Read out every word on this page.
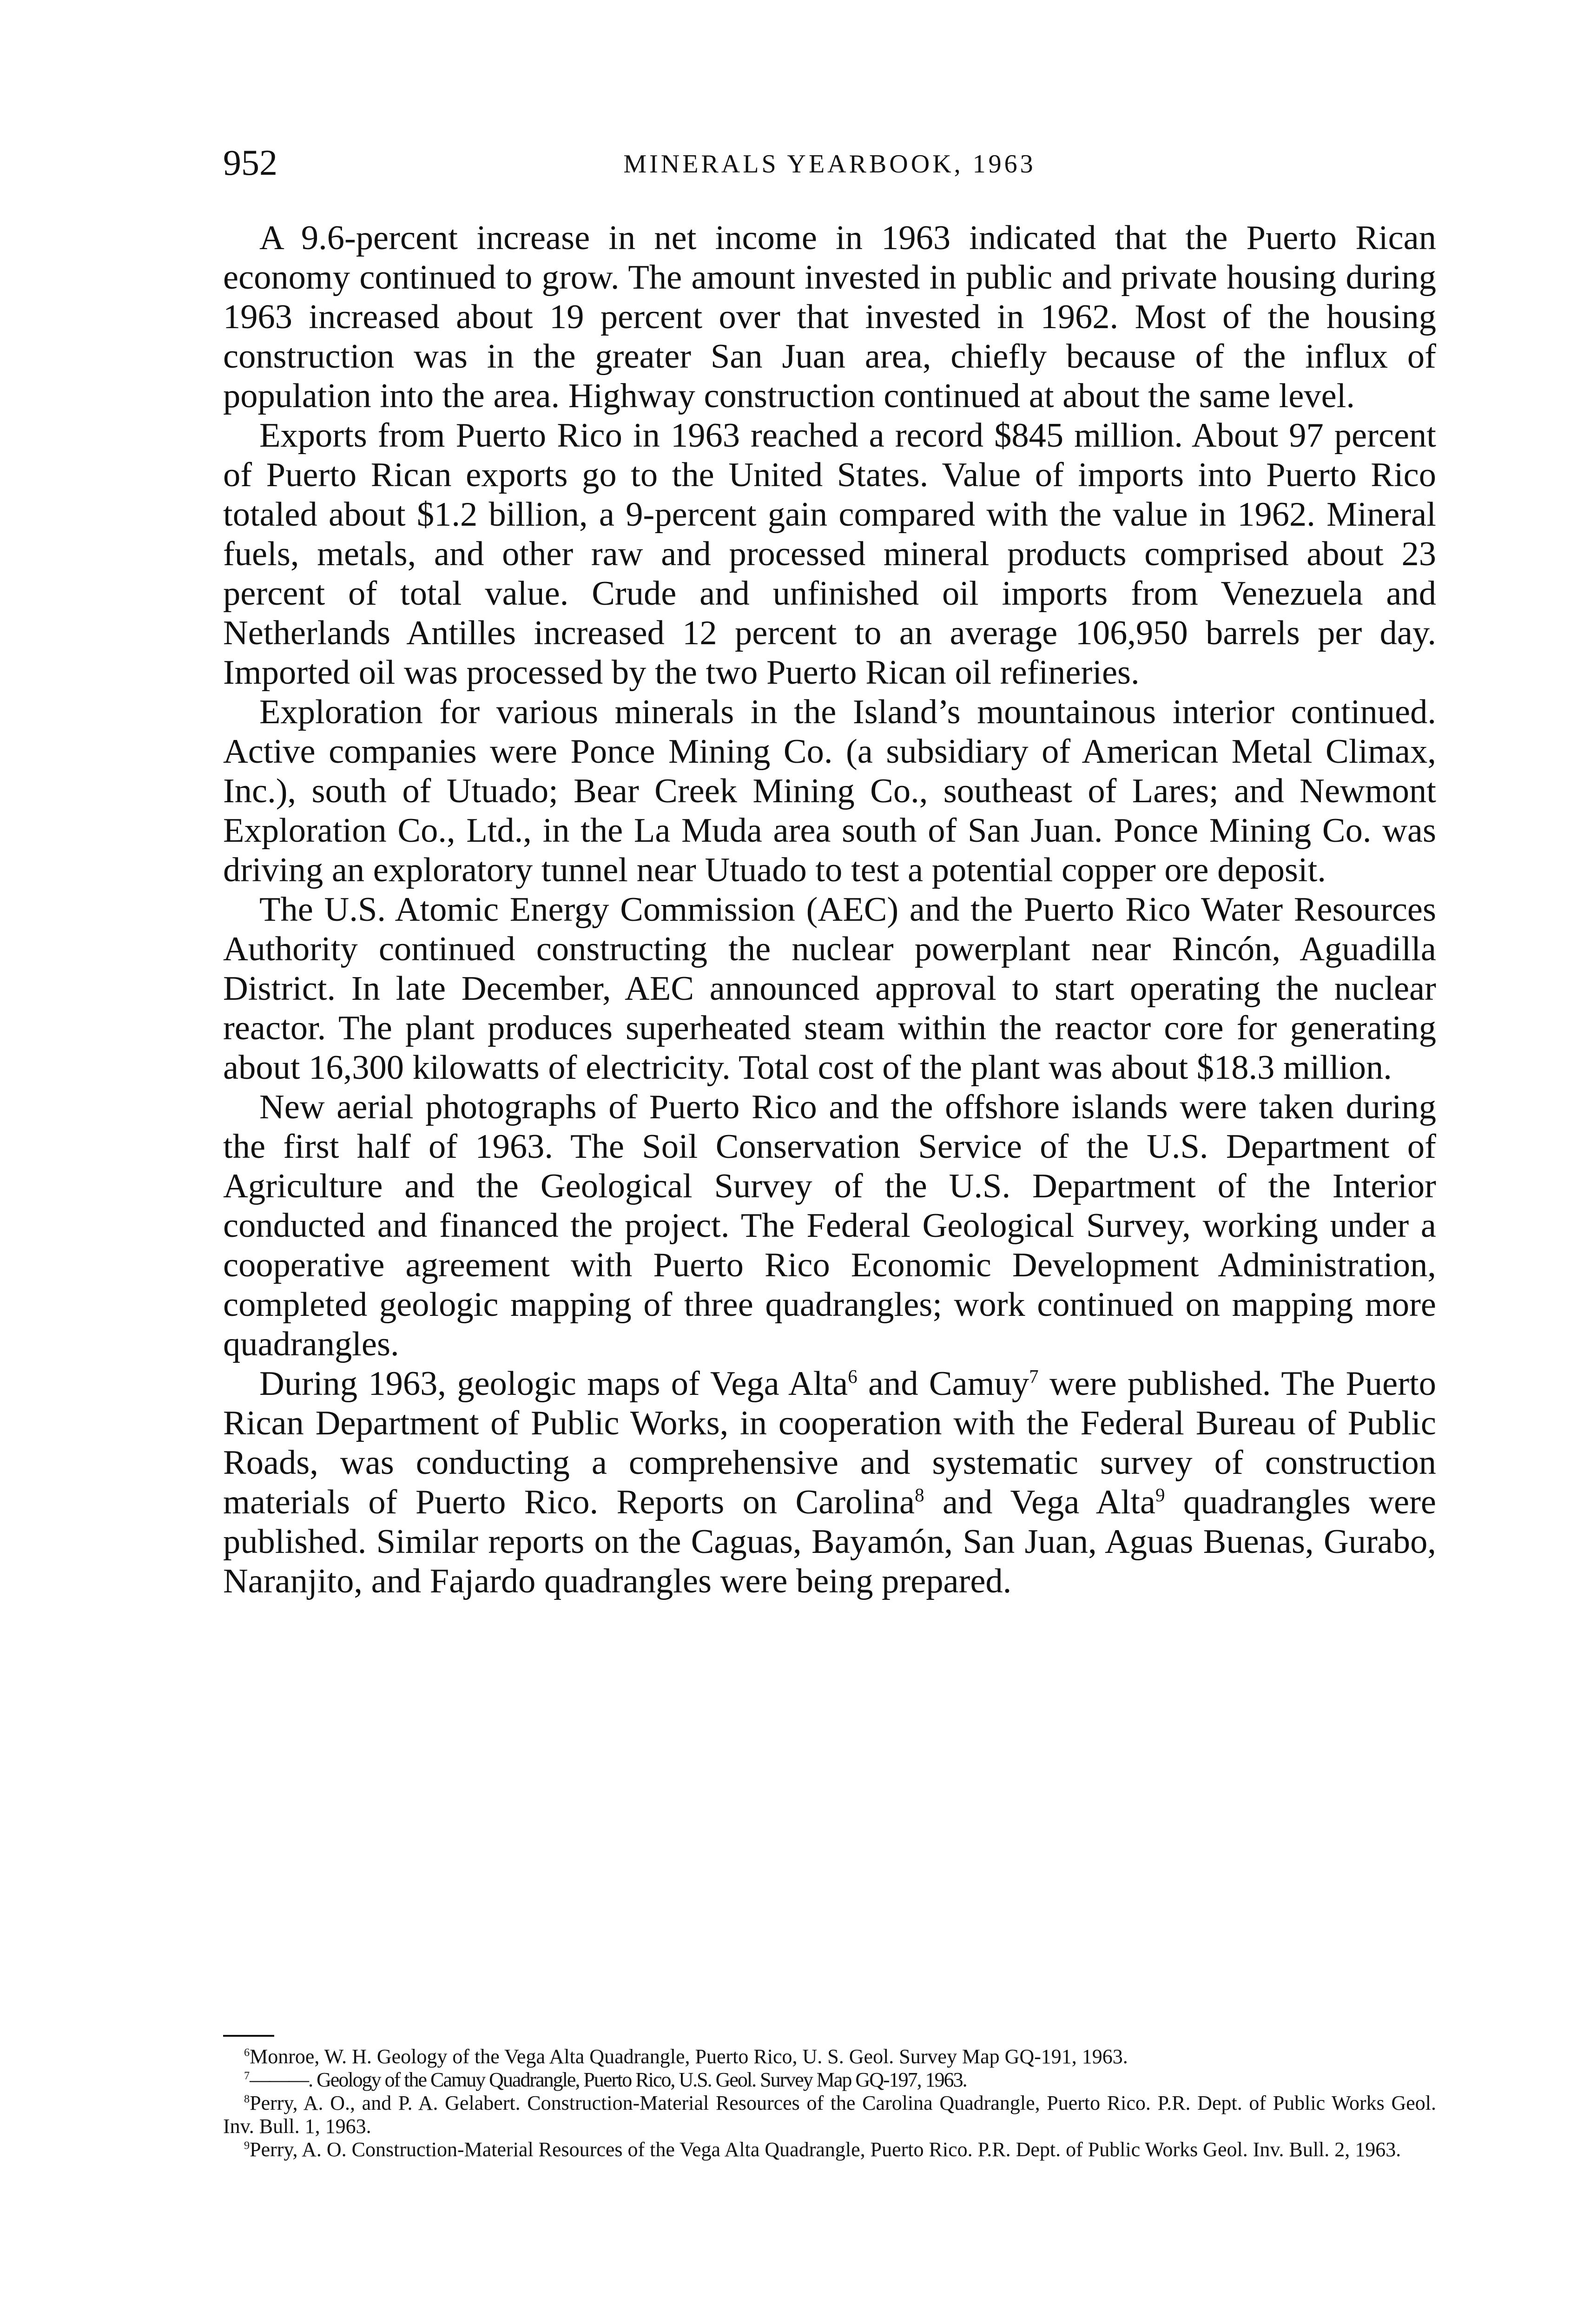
952	MINERALS YEARBOOK, 1963

A 9.6-percent increase in net income in 1963 indicated that the Puerto Rican economy continued to grow. The amount invested in public and private housing during 1963 increased about 19 percent over that invested in 1962. Most of the housing construction was in the greater San Juan area, chiefly because of the influx of population into the area. Highway construction continued at about the same level.

Exports from Puerto Rico in 1963 reached a record $845 million. About 97 percent of Puerto Rican exports go to the United States. Value of imports into Puerto Rico totaled about $1.2 billion, a 9-percent gain compared with the value in 1962. Mineral fuels, metals, and other raw and processed mineral products comprised about 23 percent of total value. Crude and unfinished oil imports from Venezuela and Netherlands Antilles increased 12 percent to an average 106,950 barrels per day. Imported oil was processed by the two Puerto Rican oil refineries.

Exploration for various minerals in the Island’s mountainous interior continued. Active companies were Ponce Mining Co. (a subsidiary of American Metal Climax, Inc.), south of Utuado; Bear Creek Mining Co., southeast of Lares; and Newmont Exploration Co., Ltd., in the La Muda area south of San Juan. Ponce Mining Co. was driving an exploratory tunnel near Utuado to test a potential copper ore deposit.

The U.S. Atomic Energy Commission (AEC) and the Puerto Rico Water Resources Authority continued constructing the nuclear powerplant near Rincón, Aguadilla District. In late December, AEC announced approval to start operating the nuclear reactor. The plant produces superheated steam within the reactor core for generating about 16,300 kilowatts of electricity. Total cost of the plant was about $18.3 million.

New aerial photographs of Puerto Rico and the offshore islands were taken during the first half of 1963. The Soil Conservation Service of the U.S. Department of Agriculture and the Geological Survey of the U.S. Department of the Interior conducted and financed the project. The Federal Geological Survey, working under a cooperative agreement with Puerto Rico Economic Development Administration, completed geologic mapping of three quadrangles; work continued on mapping more quadrangles.

During 1963, geologic maps of Vega Alta$^6$ and Camuy$^7$ were published. The Puerto Rican Department of Public Works, in cooperation with the Federal Bureau of Public Roads, was conducting a comprehensive and systematic survey of construction materials of Puerto Rico. Reports on Carolina$^8$ and Vega Alta$^9$ quadrangles were published. Similar reports on the Caguas, Bayamón, San Juan, Aguas Buenas, Gurabo, Naranjito, and Fajardo quadrangles were being prepared.

$^6$Monroe, W. H. Geology of the Vega Alta Quadrangle, Puerto Rico, U. S. Geol. Survey Map GQ-191, 1963.

$^7$———. Geology of the Camuy Quadrangle, Puerto Rico, U.S. Geol. Survey Map GQ-197, 1963.

$^8$Perry, A. O., and P. A. Gelabert. Construction-Material Resources of the Carolina Quadrangle, Puerto Rico. P.R. Dept. of Public Works Geol. Inv. Bull. 1, 1963.

$^9$Perry, A. O. Construction-Material Resources of the Vega Alta Quadrangle, Puerto Rico. P.R. Dept. of Public Works Geol. Inv. Bull. 2, 1963.
